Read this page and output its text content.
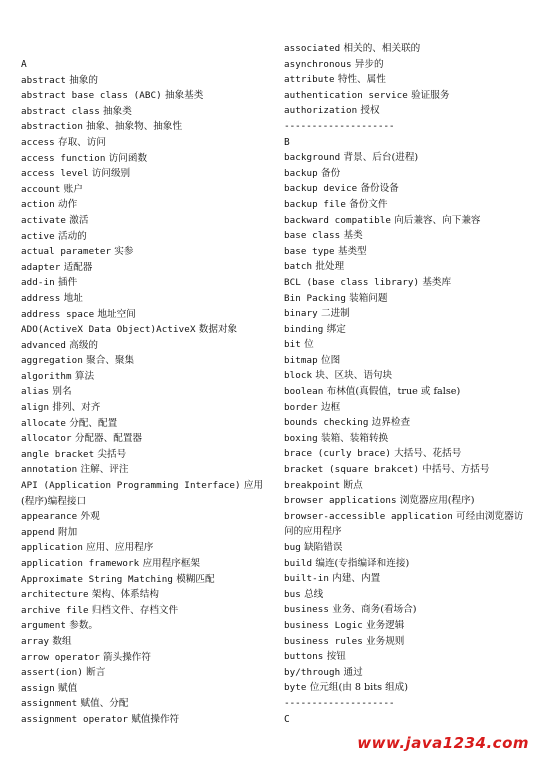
A
abstract 抽象的
abstract base class (ABC) 抽象基类
abstract class 抽象类
abstraction 抽象、抽象物、抽象性
access 存取、访问
access function 访问函数
access level 访问级别
account 账户
action 动作
activate 激活
active 活动的
actual parameter 实参
adapter 适配器
add-in 插件
address 地址
address space 地址空间
ADO(ActiveX Data Object)ActiveX 数据对象
advanced 高级的
aggregation 聚合、聚集
algorithm 算法
alias 别名
align 排列、对齐
allocate 分配、配置
allocator 分配器、配置器
angle bracket 尖括号
annotation 注解、评注
API (Application Programming Interface) 应用(程序)编程接口
appearance 外观
append 附加
application 应用、应用程序
application framework 应用程序框架
Approximate String Matching 模糊匹配
architecture 架构、体系结构
archive file 归档文件、存档文件
argument 参数。
array 数组
arrow operator 箭头操作符
assert(ion) 断言
assign 赋值
assignment 赋值、分配
assignment operator 赋值操作符
associated 相关的、相关联的
asynchronous 异步的
attribute 特性、属性
authentication service 验证服务
authorization 授权
--------------------
B
background 背景、后台(进程)
backup 备份
backup device 备份设备
backup file 备份文件
backward compatible 向后兼容、向下兼容
base class 基类
base type 基类型
batch 批处理
BCL (base class library) 基类库
Bin Packing 装箱问题
binary 二进制
binding 绑定
bit 位
bitmap 位图
block 块、区块、语句块
boolean 布林值(真假值，true 或 false)
border 边框
bounds checking 边界检查
boxing 装箱、装箱转换
brace (curly brace) 大括号、花括号
bracket (square brakcet) 中括号、方括号
breakpoint 断点
browser applications 浏览器应用(程序)
browser-accessible application 可经由浏览器访问的应用程序
bug 缺陷错误
build 编连(专指编译和连接)
built-in 内建、内置
bus 总线
business 业务、商务(看场合)
business Logic 业务逻辑
business rules 业务规则
buttons 按钮
by/through 通过
byte 位元组(由 8 bits 组成)
--------------------
C
www.java1234.com
